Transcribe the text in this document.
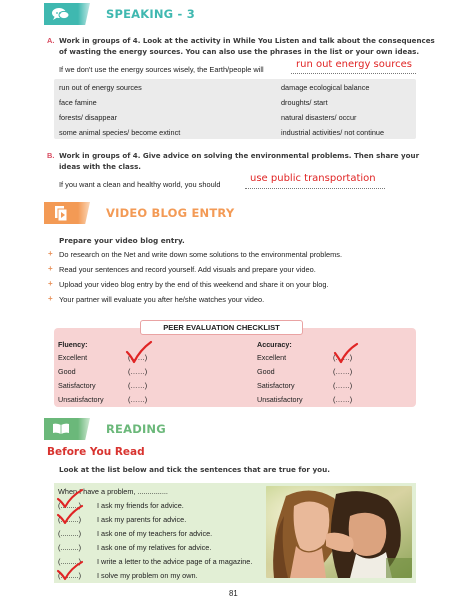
SPEAKING - 3
A. Work in groups of 4. Look at the activity in While You Listen and talk about the consequences
of wasting the energy sources. You can also use the phrases in the list or your own ideas.
If we don't use the energy sources wisely, the Earth/people will	run out energy sources
run out of energy sources
face famine
forests/ disappear
some animal species/ become extinct
damage ecological balance
droughts/ start
natural disasters/ occur
industrial activities/ not continue
B. Work in groups of 4. Give advice on solving the environmental problems. Then share your
ideas with the class.
If you want a clean and healthy world, you should
use public transportation
VIDEO BLOG ENTRY
Prepare your video blog entry.
+ Do research on the Net and write down some solutions to the environmental problems.
+ Read your sentences and record yourself. Add visuals and prepare your video.
+ Upload your video blog entry by the end of this weekend and share it on your blog.
+ Your partner will evaluate you after he/she watches your video.
PEER EVALUATION CHECKLIST
Fluency:
Excellent
Good
Satisfactory
Unsatisfactory
(……)
(……)
(……)
(……)
Accuracy:
Excellent
Good
Satisfactory
Unsatisfactory
(……)
(……)
(……)
(……)
READING
Before You Read
Look at the list below and tick the sentences that are true for you.
When I have a problem, ...............
(.........) I ask my friends for advice.
(.........) I ask my parents for advice.
(.........) I ask one of my teachers for advice.
(.........) I ask one of my relatives for advice.
(.........) I write a letter to the advice page of a magazine.
(.........) I solve my problem on my own.
81
